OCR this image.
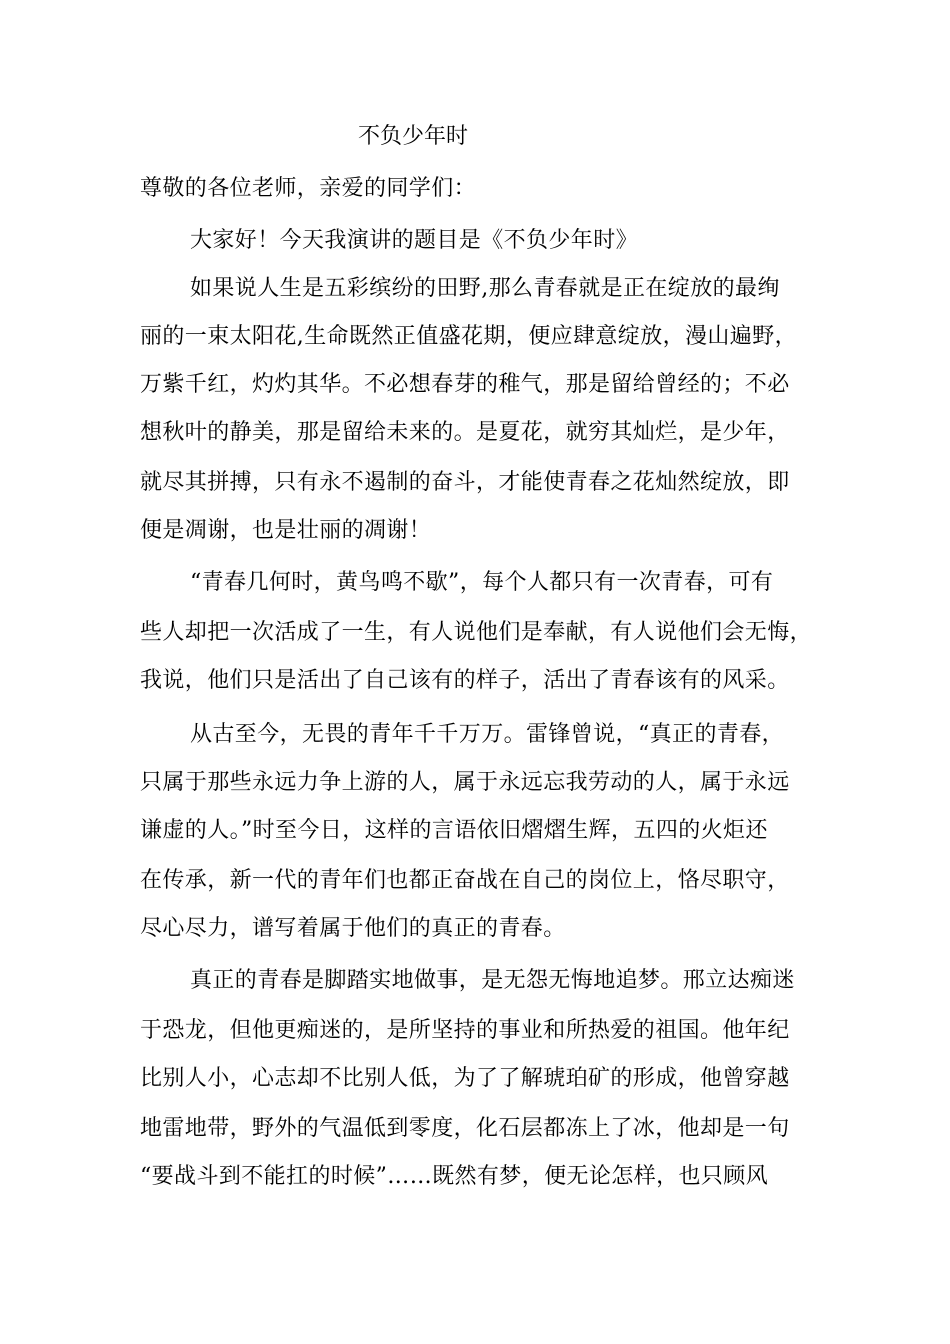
不负少年时
尊敬的各位老师，亲爱的同学们：
大家好！今天我演讲的题目是《不负少年时》
如果说人生是五彩缤纷的田野,那么青春就是正在绽放的最绚
丽的一束太阳花,生命既然正值盛花期，便应肆意绽放，漫山遍野，
万紫千红，灼灼其华。不必想春芽的稚气，那是留给曾经的；不必
想秋叶的静美，那是留给未来的。是夏花，就穷其灿烂，是少年，
就尽其拼搏，只有永不遏制的奋斗，才能使青春之花灿然绽放，即
便是凋谢，也是壮丽的凋谢！
“青春几何时，黄鸟鸣不歇”，每个人都只有一次青春，可有
些人却把一次活成了一生，有人说他们是奉献，有人说他们会无悔，
我说，他们只是活出了自己该有的样子，活出了青春该有的风采。
从古至今，无畏的青年千千万万。雷锋曾说，“真正的青春，
只属于那些永远力争上游的人，属于永远忘我劳动的人，属于永远
谦虚的人。”时至今日，这样的言语依旧熠熠生辉，五四的火炬还
在传承，新一代的青年们也都正奋战在自己的岗位上，恪尽职守，
尽心尽力，谱写着属于他们的真正的青春。
真正的青春是脚踏实地做事，是无怨无悔地追梦。邢立达痴迷
于恐龙，但他更痴迷的，是所坚持的事业和所热爱的祖国。他年纪
比别人小，心志却不比别人低，为了了解琥珀矿的形成，他曾穿越
地雷地带，野外的气温低到零度，化石层都冻上了冰，他却是一句
“要战斗到不能扛的时候”……既然有梦，便无论怎样，也只顾风
